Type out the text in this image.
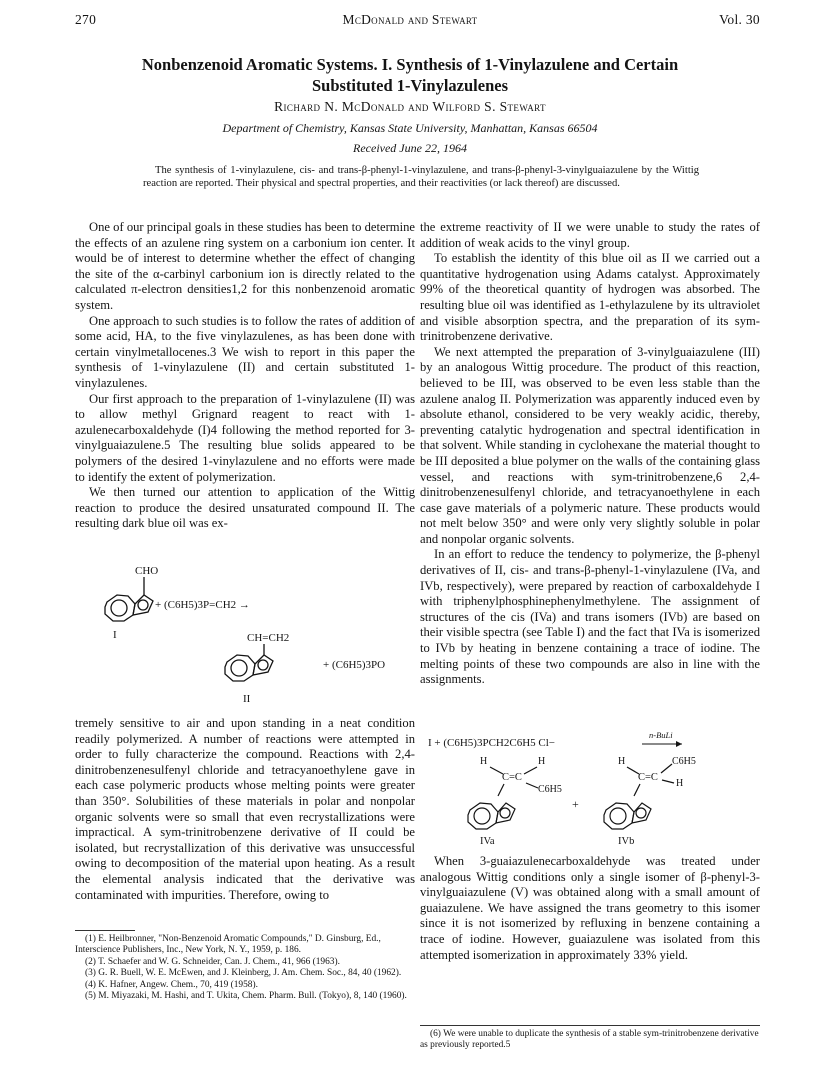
270	McDonald and Stewart	Vol. 30
Nonbenzenoid Aromatic Systems. I. Synthesis of 1-Vinylazulene and Certain
Substituted 1-Vinylazulenes
Richard N. McDonald and Wilford S. Stewart
Department of Chemistry, Kansas State University, Manhattan, Kansas 66504
Received June 22, 1964

The synthesis of 1-vinylazulene, cis- and trans-β-phenyl-1-vinylazulene, and trans-β-phenyl-3-vinylguaiazulene by the Wittig reaction are reported. Their physical and spectral properties, and their reactivities (or lack thereof) are discussed.

One of our principal goals in these studies has been to determine the effects of an azulene ring system on a carbonium ion center. It would be of interest to determine whether the effect of changing the site of the α-carbinyl carbonium ion is directly related to the calculated π-electron densities1,2 for this nonbenzenoid aromatic system.

One approach to such studies is to follow the rates of addition of some acid, HA, to the five vinylazulenes, as has been done with certain vinylmetallocenes.3 We wish to report in this paper the synthesis of 1-vinylazulene (II) and certain substituted 1-vinylazulenes.

Our first approach to the preparation of 1-vinylazulene (II) was to allow methyl Grignard reagent to react with 1-azulenecarboxaldehyde (I)4 following the method reported for 3-vinylguaiazulene.5 The resulting blue solids appeared to be polymers of the desired 1-vinylazulene and no efforts were made to identify the extent of polymerization.

We then turned our attention to application of the Wittig reaction to produce the desired unsaturated compound II. The resulting dark blue oil was ex-

CHO
+ (C6H5)3P=CH2 →
I	CH=CH2
+ (C6H5)3PO
II

tremely sensitive to air and upon standing in a neat condition readily polymerized. A number of reactions were attempted in order to fully characterize the compound. Reactions with 2,4-dinitrobenzenesulfenyl chloride and tetracyanoethylene gave in each case polymeric products whose melting points were greater than 350°. Solubilities of these materials in polar and nonpolar organic solvents were so small that even recrystallizations were impractical. A sym-trinitrobenzene derivative of II could be isolated, but recrystallization of this derivative was unsuccessful owing to decomposition of the material upon heating. As a result the elemental analysis indicated that the derivative was contaminated with impurities. Therefore, owing to

(1) E. Heilbronner, "Non-Benzenoid Aromatic Compounds," D. Ginsburg, Ed., Interscience Publishers, Inc., New York, N. Y., 1959, p. 186.

(2) T. Schaefer and W. G. Schneider, Can. J. Chem., 41, 966 (1963).

(3) G. R. Buell, W. E. McEwen, and J. Kleinberg, J. Am. Chem. Soc., 84, 40 (1962).

(4) K. Hafner, Angew. Chem., 70, 419 (1958).

(5) M. Miyazaki, M. Hashi, and T. Ukita, Chem. Pharm. Bull. (Tokyo), 8, 140 (1960).

the extreme reactivity of II we were unable to study the rates of addition of weak acids to the vinyl group.

To establish the identity of this blue oil as II we carried out a quantitative hydrogenation using Adams catalyst. Approximately 99% of the theoretical quantity of hydrogen was absorbed. The resulting blue oil was identified as 1-ethylazulene by its ultraviolet and visible absorption spectra, and the preparation of its sym-trinitrobenzene derivative.

We next attempted the preparation of 3-vinylguaiazulene (III) by an analogous Wittig procedure. The product of this reaction, believed to be III, was observed to be even less stable than the azulene analog II. Polymerization was apparently induced even by absolute ethanol, considered to be very weakly acidic, thereby, preventing catalytic hydrogenation and spectral identification in that solvent. While standing in cyclohexane the material thought to be III deposited a blue polymer on the walls of the containing glass vessel, and reactions with sym-trinitrobenzene,6 2,4-dinitrobenzenesulfenyl chloride, and tetracyanoethylene in each case gave materials of a polymeric nature. These products would not melt below 350° and were only very slightly soluble in polar and nonpolar organic solvents.

In an effort to reduce the tendency to polymerize, the β-phenyl derivatives of II, cis- and trans-β-phenyl-1-vinylazulene (IVa, and IVb, respectively), were prepared by reaction of carboxaldehyde I with triphenylphosphinephenylmethylene. The assignment of structures of the cis (IVa) and trans isomers (IVb) are based on their visible spectra (see Table I) and the fact that IVa is isomerized to IVb by heating in benzene containing a trace of iodine. The melting points of these two compounds are also in line with the assignments.

I + (C6H5)3PCH2C6H5 Cl−
n-BuLi
H	H
C=C
C6H5
+
H	C6H5
C=C
H
IVa	IVb

When 3-guaiazulenecarboxaldehyde was treated under analogous Wittig conditions only a single isomer of β-phenyl-3-vinylguaiazulene (V) was obtained along with a small amount of guaiazulene. We have assigned the trans geometry to this isomer since it is not isomerized by refluxing in benzene containing a trace of iodine. However, guaiazulene was isolated from this attempted isomerization in approximately 33% yield.

(6) We were unable to duplicate the synthesis of a stable sym-trinitrobenzene derivative as previously reported.5
